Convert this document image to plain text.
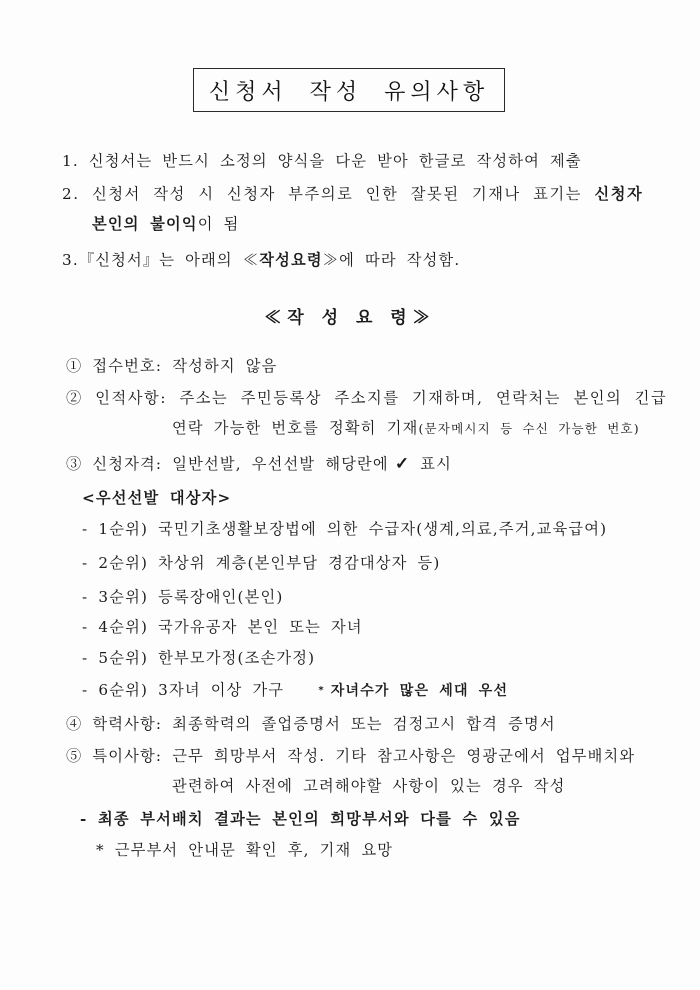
신청서 작성 유의사항
1. 신청서는 반드시 소정의 양식을 다운 받아 한글로 작성하여 제출
2. 신청서 작성 시 신청자 부주의로 인한 잘못된 기재나 표기는 신청자
본인의 불이익이 됨
3.『신청서』는 아래의 ≪작성요령≫에 따라 작성함.
≪작 성 요 령≫
① 접수번호: 작성하지 않음
② 인적사항: 주소는 주민등록상 주소지를 기재하며, 연락처는 본인의 긴급
연락 가능한 번호를 정확히 기재(문자메시지 등 수신 가능한 번호)
③ 신청자격: 일반선발, 우선선발 해당란에 ✓ 표시
<우선선발 대상자>
- 1순위) 국민기초생활보장법에 의한 수급자(생계,의료,주거,교육급여)
- 2순위) 차상위 계층(본인부담 경감대상자 등)
- 3순위) 등록장애인(본인)
- 4순위) 국가유공자 본인 또는 자녀
- 5순위) 한부모가정(조손가정)
- 6순위) 3자녀 이상 가구	* 자녀수가 많은 세대 우선
④ 학력사항: 최종학력의 졸업증명서 또는 검정고시 합격 증명서
⑤ 특이사항: 근무 희망부서 작성. 기타 참고사항은 영광군에서 업무배치와
관련하여 사전에 고려해야할 사항이 있는 경우 작성
- 최종 부서배치 결과는 본인의 희망부서와 다를 수 있음
* 근무부서 안내문 확인 후, 기재 요망
